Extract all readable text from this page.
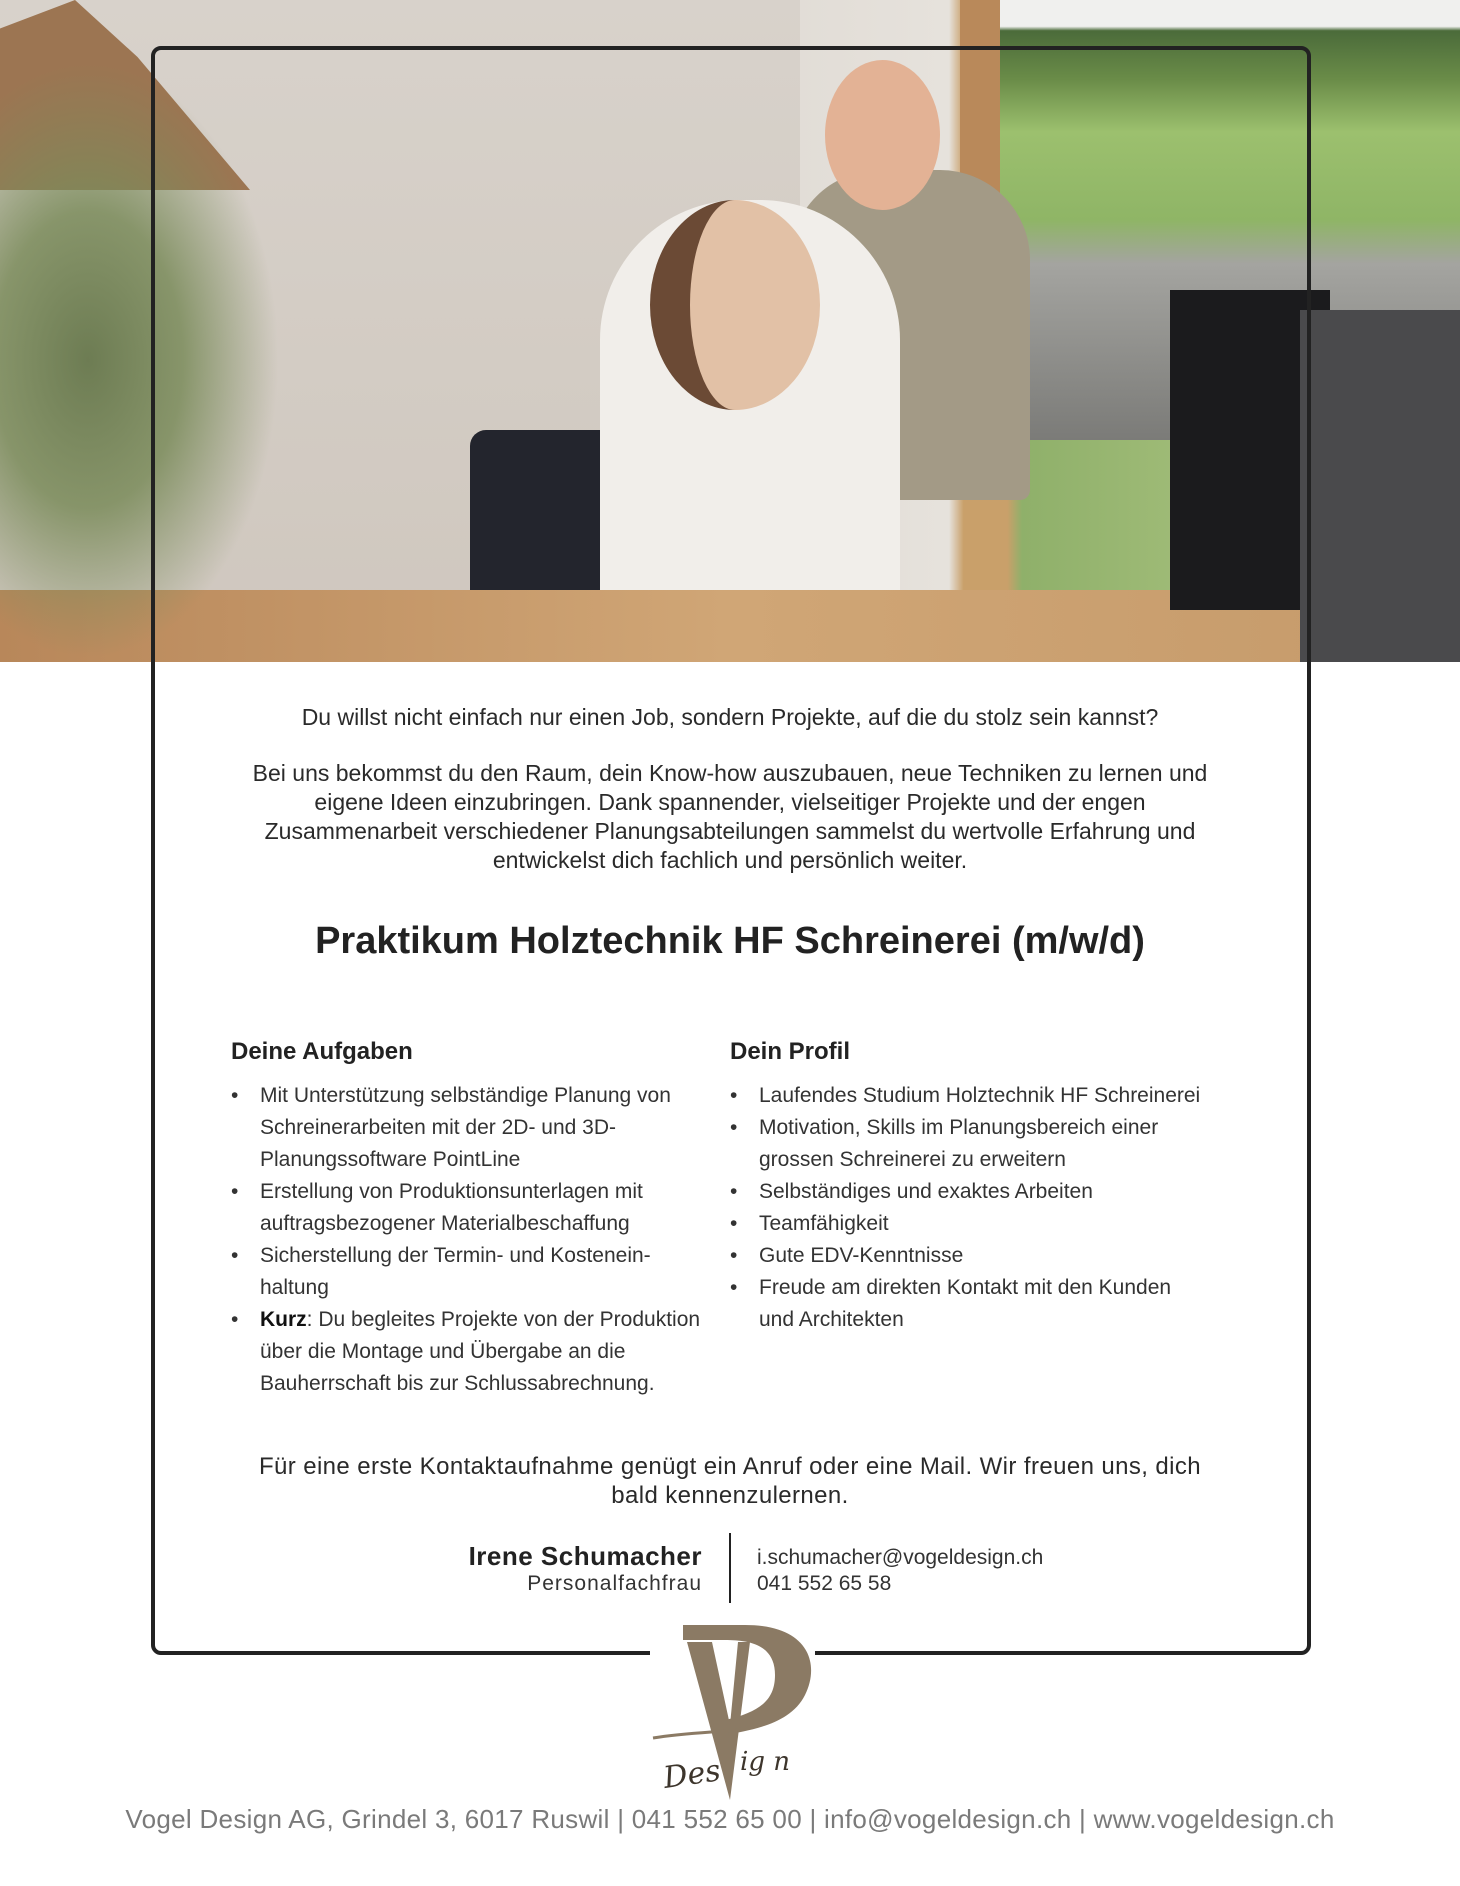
Du willst nicht einfach nur einen Job, sondern Projekte, auf die du stolz sein kannst?

Bei uns bekommst du den Raum, dein Know-how auszubauen, neue Techniken zu lernen und eigene Ideen einzubringen. Dank spannender, vielseitiger Projekte und der engen Zusammenarbeit verschiedener Planungsabteilungen sammelst du wertvolle Erfahrung und entwickelst dich fachlich und persönlich weiter.

Praktikum Holztechnik HF Schreinerei (m/w/d)
Deine Aufgaben
• Mit Unterstützung selbständige Planung von Schreinerarbeiten mit der 2D- und 3D-Planungssoftware PointLine
• Erstellung von Produktionsunterlagen mit auftragsbezogener Materialbeschaffung
• Sicherstellung der Termin- und Kosteneinhaltung
• Kurz: Du begleites Projekte von der Produktion über die Montage und Übergabe an die Bauherrschaft bis zur Schlussabrechnung.
Dein Profil
• Laufendes Studium Holztechnik HF Schreinerei
• Motivation, Skills im Planungsbereich einer grossen Schreinerei zu erweitern
• Selbständiges und exaktes Arbeiten
• Teamfähigkeit
• Gute EDV-Kenntnisse
• Freude am direkten Kontakt mit den Kunden und Architekten

Für eine erste Kontaktaufnahme genügt ein Anruf oder eine Mail. Wir freuen uns, dich bald kennenzulernen.

Irene Schumacher
Personalfachfrau
i.schumacher@vogeldesign.ch
041 552 65 58
Des ig n

Vogel Design AG, Grindel 3, 6017 Ruswil | 041 552 65 00 | info@vogeldesign.ch | www.vogeldesign.ch
